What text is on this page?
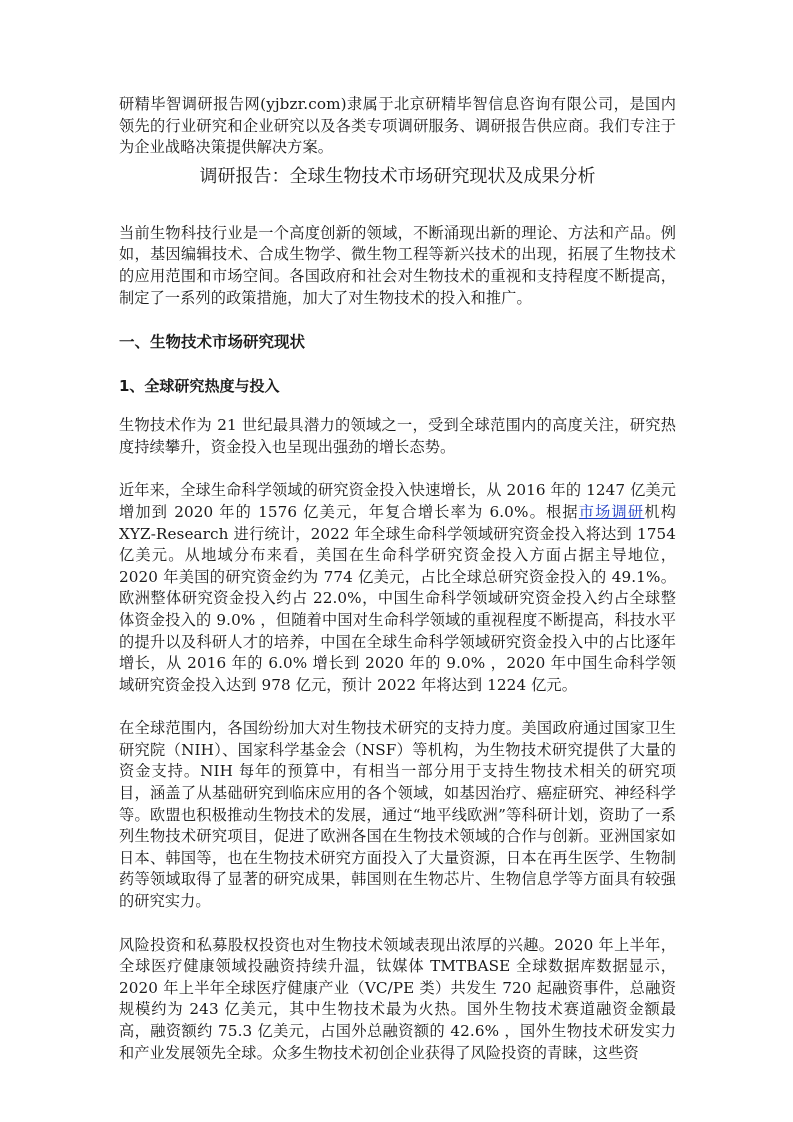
研精毕智调研报告网(yjbzr.com)隶属于北京研精毕智信息咨询有限公司，是国内领先的行业研究和企业研究以及各类专项调研服务、调研报告供应商。我们专注于为企业战略决策提供解决方案。

调研报告：全球生物技术市场研究现状及成果分析

当前生物科技行业是一个高度创新的领域，不断涌现出新的理论、方法和产品。例如，基因编辑技术、合成生物学、微生物工程等新兴技术的出现，拓展了生物技术的应用范围和市场空间。各国政府和社会对生物技术的重视和支持程度不断提高，制定了一系列的政策措施，加大了对生物技术的投入和推广。

一、生物技术市场研究现状
1、全球研究热度与投入

生物技术作为 21 世纪最具潜力的领域之一，受到全球范围内的高度关注，研究热度持续攀升，资金投入也呈现出强劲的增长态势。

近年来，全球生命科学领域的研究资金投入快速增长，从 2016 年的 1247 亿美元增加到 2020 年的 1576 亿美元，年复合增长率为 6.0%。根据市场调研机构 XYZ-Research 进行统计，2022 年全球生命科学领域研究资金投入将达到 1754 亿美元。从地域分布来看，美国在生命科学研究资金投入方面占据主导地位，2020 年美国的研究资金约为 774 亿美元，占比全球总研究资金投入的 49.1%。欧洲整体研究资金投入约占 22.0%，中国生命科学领域研究资金投入约占全球整体资金投入的 9.0% ，但随着中国对生命科学领域的重视程度不断提高，科技水平的提升以及科研人才的培养，中国在全球生命科学领域研究资金投入中的占比逐年增长，从 2016 年的 6.0% 增长到 2020 年的 9.0% ，2020 年中国生命科学领域研究资金投入达到 978 亿元，预计 2022 年将达到 1224 亿元。

在全球范围内，各国纷纷加大对生物技术研究的支持力度。美国政府通过国家卫生研究院（NIH）、国家科学基金会（NSF）等机构，为生物技术研究提供了大量的资金支持。NIH 每年的预算中，有相当一部分用于支持生物技术相关的研究项目，涵盖了从基础研究到临床应用的各个领域，如基因治疗、癌症研究、神经科学等。欧盟也积极推动生物技术的发展，通过“地平线欧洲”等科研计划，资助了一系列生物技术研究项目，促进了欧洲各国在生物技术领域的合作与创新。亚洲国家如日本、韩国等，也在生物技术研究方面投入了大量资源，日本在再生医学、生物制药等领域取得了显著的研究成果，韩国则在生物芯片、生物信息学等方面具有较强的研究实力。

风险投资和私募股权投资也对生物技术领域表现出浓厚的兴趣。2020 年上半年，全球医疗健康领域投融资持续升温，钛媒体 TMTBASE 全球数据库数据显示，2020 年上半年全球医疗健康产业（VC/PE 类）共发生 720 起融资事件，总融资规模约为 243 亿美元，其中生物技术最为火热。国外生物技术赛道融资金额最高，融资额约 75.3 亿美元，占国外总融资额的 42.6% ，国外生物技术研发实力和产业发展领先全球。众多生物技术初创企业获得了风险投资的青睐，这些资
